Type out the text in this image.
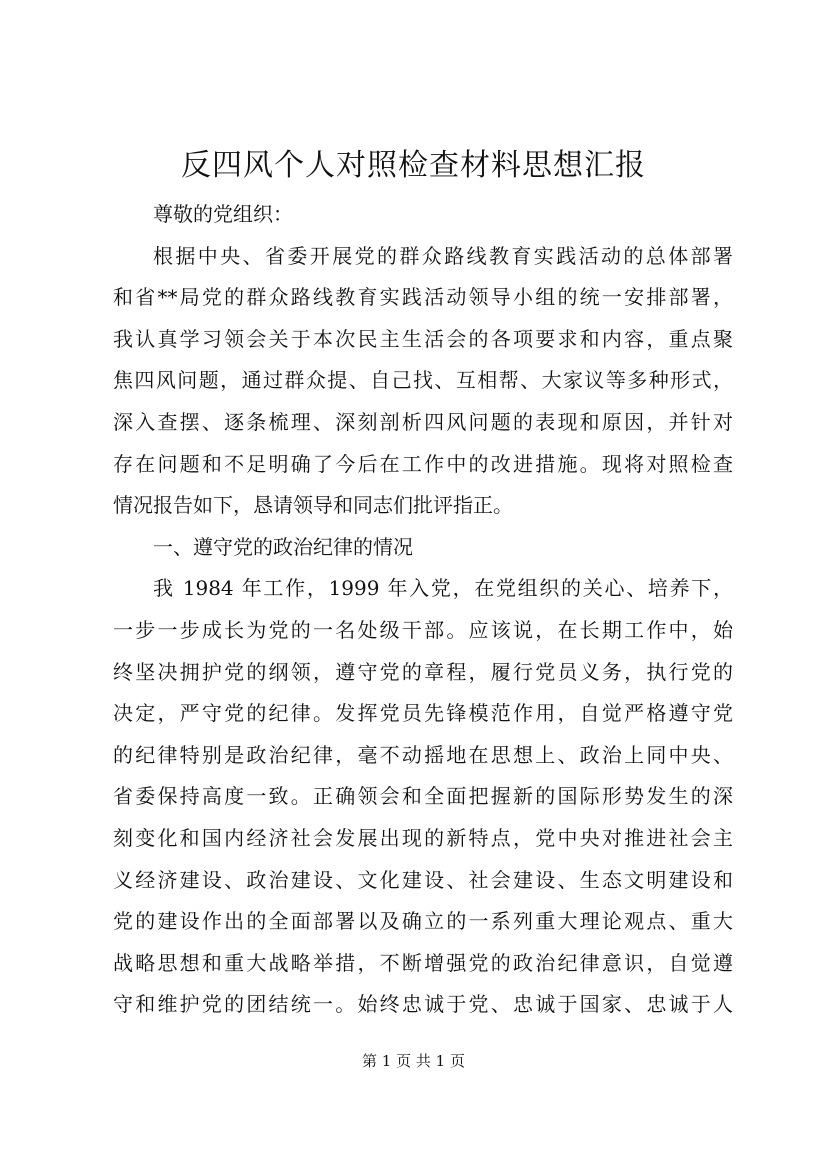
反四风个人对照检查材料思想汇报
尊敬的党组织：
根据中央、省委开展党的群众路线教育实践活动的总体部署
和省**局党的群众路线教育实践活动领导小组的统一安排部署，
我认真学习领会关于本次民主生活会的各项要求和内容，重点聚
焦四风问题，通过群众提、自己找、互相帮、大家议等多种形式，
深入查摆、逐条梳理、深刻剖析四风问题的表现和原因，并针对
存在问题和不足明确了今后在工作中的改进措施。现将对照检查
情况报告如下，恳请领导和同志们批评指正。
一、遵守党的政治纪律的情况
我 1984 年工作，1999 年入党，在党组织的关心、培养下，
一步一步成长为党的一名处级干部。应该说，在长期工作中，始
终坚决拥护党的纲领，遵守党的章程，履行党员义务，执行党的
决定，严守党的纪律。发挥党员先锋模范作用，自觉严格遵守党
的纪律特别是政治纪律，毫不动摇地在思想上、政治上同中央、
省委保持高度一致。正确领会和全面把握新的国际形势发生的深
刻变化和国内经济社会发展出现的新特点，党中央对推进社会主
义经济建设、政治建设、文化建设、社会建设、生态文明建设和
党的建设作出的全面部署以及确立的一系列重大理论观点、重大
战略思想和重大战略举措，不断增强党的政治纪律意识，自觉遵
守和维护党的团结统一。始终忠诚于党、忠诚于国家、忠诚于人
第 1 页 共 1 页
